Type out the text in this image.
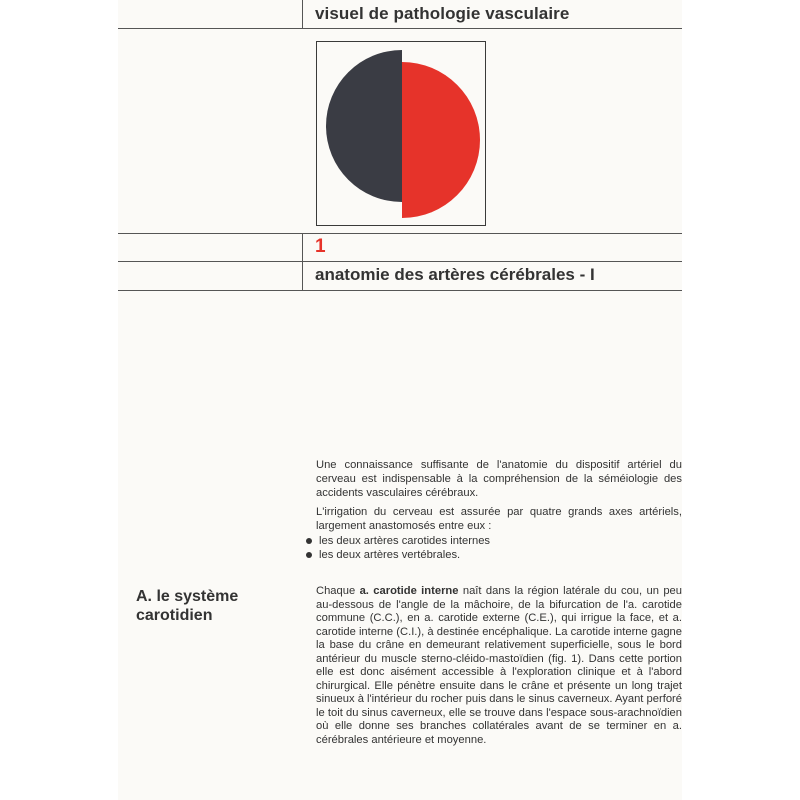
visuel de pathologie vasculaire
1
anatomie des artères cérébrales - I

Une connaissance suffisante de l'anatomie du dispositif artériel du cerveau est indispensable à la compréhension de la séméiologie des accidents vasculaires cérébraux.

L'irrigation du cerveau est assurée par quatre grands axes artériels, largement anastomosés entre eux :

les deux artères carotides internes
les deux artères vertébrales.
A. le système carotidien
Chaque a. carotide interne naît dans la région latérale du cou, un peu au-dessous de l'angle de la mâchoire, de la bifurcation de l'a. carotide commune (C.C.), en a. carotide externe (C.E.), qui irrigue la face, et a. carotide interne (C.I.), à destinée encéphalique. La carotide interne gagne la base du crâne en demeurant relativement superficielle, sous le bord antérieur du muscle sterno-cléido-mastoïdien (fig. 1). Dans cette portion elle est donc aisément accessible à l'exploration clinique et à l'abord chirurgical. Elle pénètre ensuite dans le crâne et présente un long trajet sinueux à l'intérieur du rocher puis dans le sinus caverneux. Ayant perforé le toit du sinus caverneux, elle se trouve dans l'espace sous-arachnoïdien où elle donne ses branches collatérales avant de se terminer en a. cérébrales antérieure et moyenne.
